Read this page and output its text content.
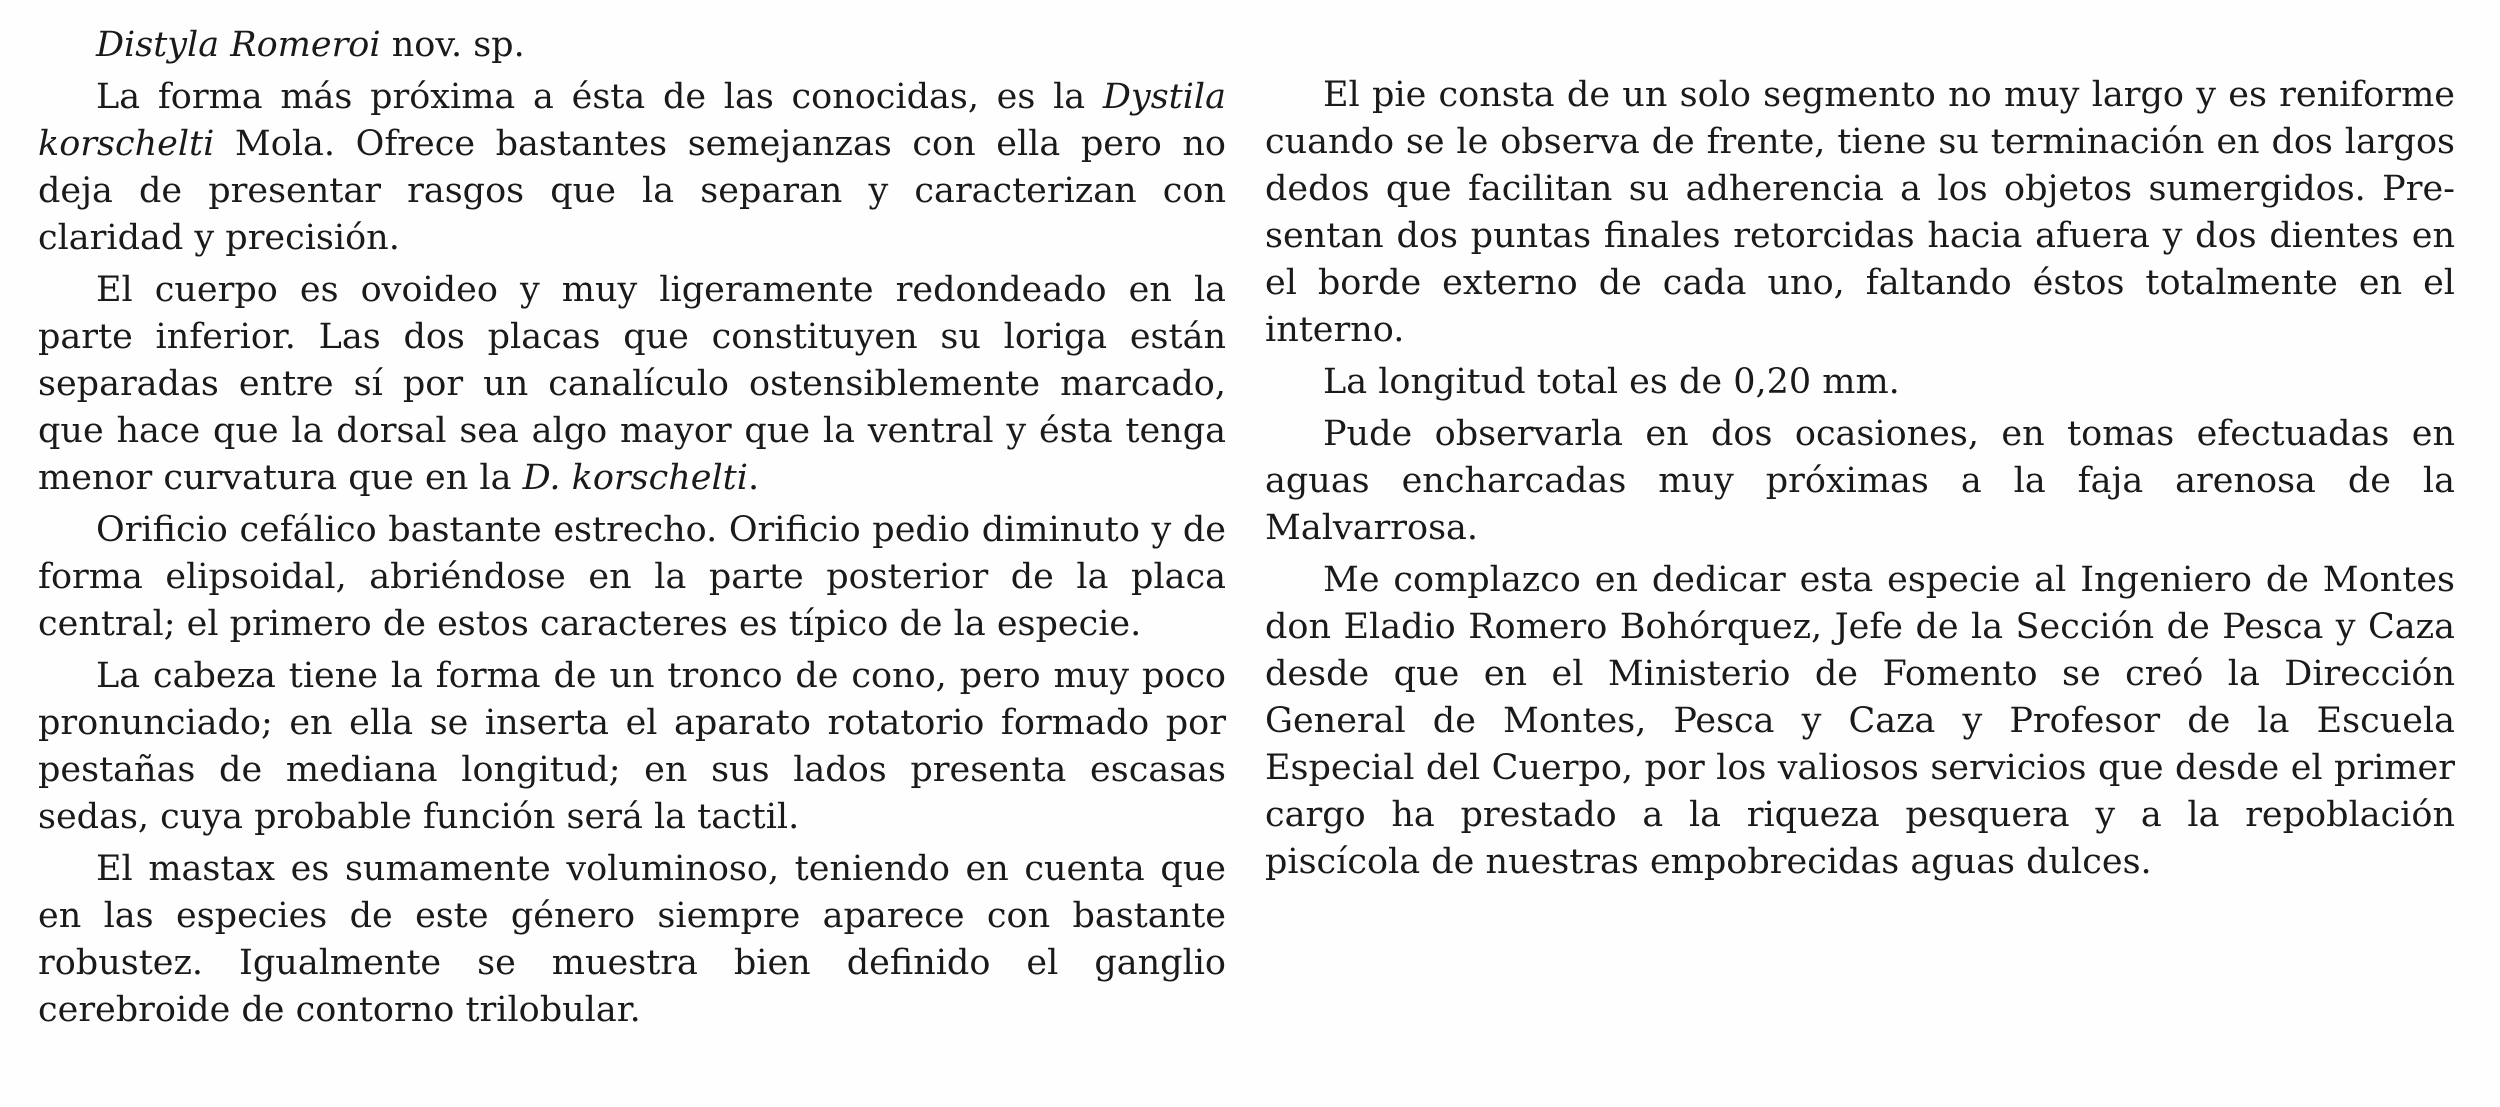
Distyla Romeroi nov. sp.

La forma más próxima a ésta de las conocidas, es la Dystila korschelti Mola. Ofrece bastantes semejanzas con ella pero no deja de presentar rasgos que la separan y caracterizan con claridad y precisión.

El cuerpo es ovoideo y muy ligeramente redondeado en la parte inferior. Las dos placas que constituyen su loriga están separadas entre sí por un canalículo ostensiblemente marcado, que hace que la dorsal sea algo mayor que la ventral y ésta tenga menor curvatura que en la D. korschelti.

Orificio cefálico bastante estrecho. Orificio pedio diminuto y de forma elipsoidal, abriéndose en la parte posterior de la placa central; el primero de estos caracteres es típico de la especie.

La cabeza tiene la forma de un tronco de cono, pero muy poco pronunciado; en ella se inserta el aparato rotatorio formado por pestañas de mediana longitud; en sus lados presenta escasas sedas, cuya probable función será la tactil.

El mastax es sumamente voluminoso, teniendo en cuenta que en las especies de este género siempre aparece con bastante robustez. Igualmente se muestra bien definido el ganglio cerebroide de contorno trilobular.

El pie consta de un solo segmento no muy largo y es reniforme cuando se le observa de frente, tiene su terminación en dos largos dedos que facilitan su adherencia a los objetos sumergidos. Presentan dos puntas finales retorcidas hacia afuera y dos dientes en el borde externo de cada uno, faltando éstos totalmente en el interno.

La longitud total es de 0,20 mm.

Pude observarla en dos ocasiones, en tomas efectuadas en aguas encharcadas muy próximas a la faja arenosa de la Malvarrosa.

Me complazco en dedicar esta especie al Ingeniero de Montes don Eladio Romero Bohórquez, Jefe de la Sección de Pesca y Caza desde que en el Ministerio de Fomento se creó la Dirección General de Montes, Pesca y Caza y Profesor de la Escuela Especial del Cuerpo, por los valiosos servicios que desde el primer cargo ha prestado a la riqueza pesquera y a la repoblación piscícola de nuestras empobrecidas aguas dulces.
